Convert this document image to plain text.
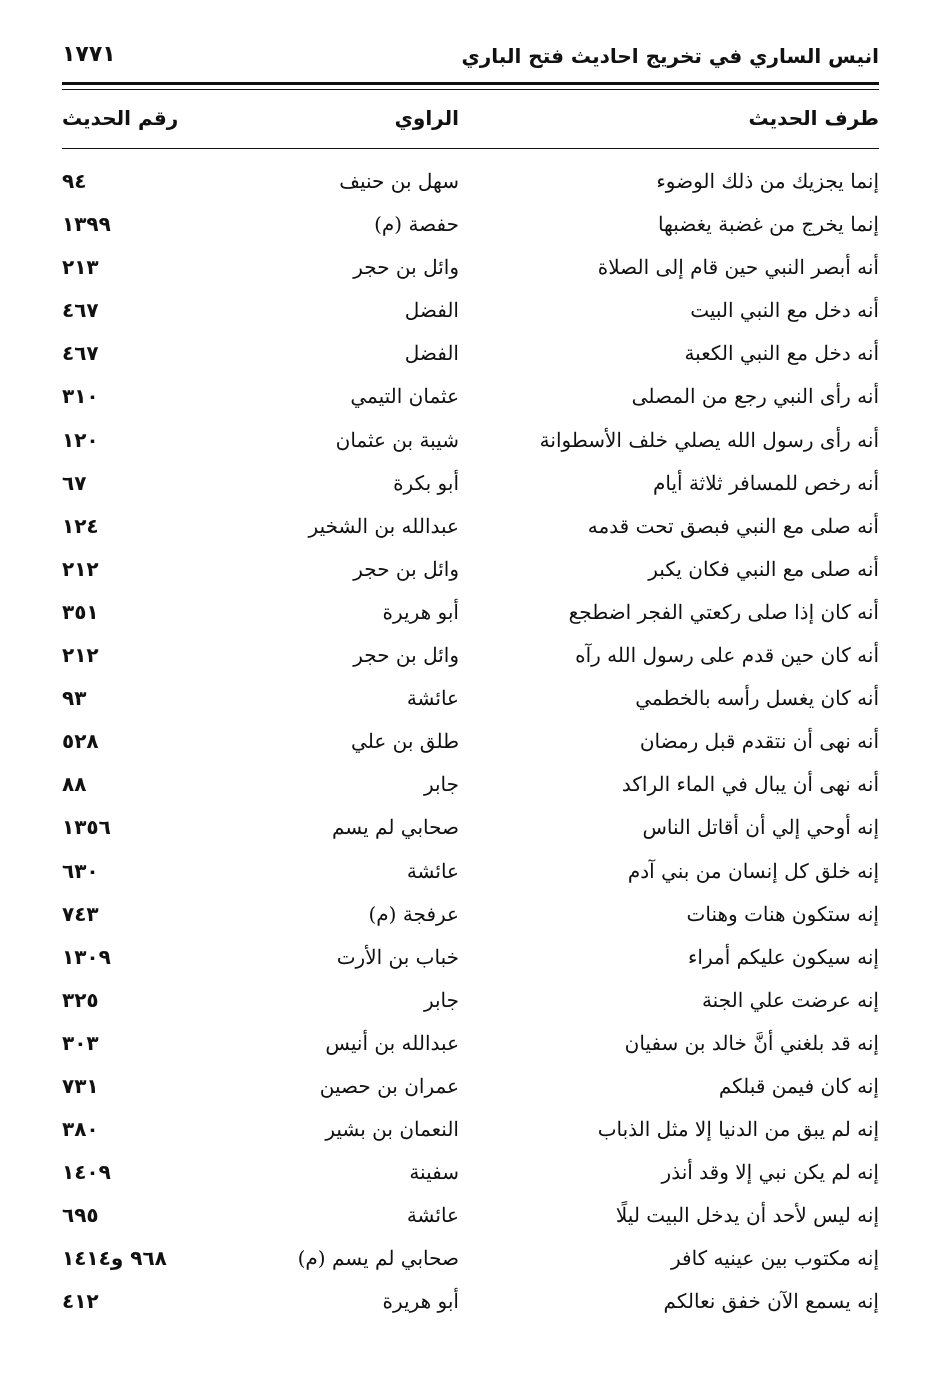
انيس الساري في تخريج احاديث فتح الباري
١٧٧١
طرف الحديث
الراوي
رقم الحديث
إنما يجزيك من ذلك الوضوء
سهل بن حنيف
٩٤
إنما يخرج من غضبة يغضبها
حفصة (م)
١٣٩٩
أنه أبصر النبي حين قام إلى الصلاة
وائل بن حجر
٢١٣
أنه دخل مع النبي البيت
الفضل
٤٦٧
أنه دخل مع النبي الكعبة
الفضل
٤٦٧
أنه رأى النبي رجع من المصلى
عثمان التيمي
٣١٠
أنه رأى رسول الله يصلي خلف الأسطوانة
شيبة بن عثمان
١٢٠
أنه رخص للمسافر ثلاثة أيام
أبو بكرة
٦٧
أنه صلى مع النبي فبصق تحت قدمه
عبدالله بن الشخير
١٢٤
أنه صلى مع النبي فكان يكبر
وائل بن حجر
٢١٢
أنه كان إذا صلى ركعتي الفجر اضطجع
أبو هريرة
٣٥١
أنه كان حين قدم على رسول الله رآه
وائل بن حجر
٢١٢
أنه كان يغسل رأسه بالخطمي
عائشة
٩٣
أنه نهى أن نتقدم قبل رمضان
طلق بن علي
٥٢٨
أنه نهى أن يبال في الماء الراكد
جابر
٨٨
إنه أوحي إلي أن أقاتل الناس
صحابي لم يسم
١٣٥٦
إنه خلق كل إنسان من بني آدم
عائشة
٦٣٠
إنه ستكون هنات وهنات
عرفجة (م)
٧٤٣
إنه سيكون عليكم أمراء
خباب بن الأرت
١٣٠٩
إنه عرضت علي الجنة
جابر
٣٢٥
إنه قد بلغني أنَّ خالد بن سفيان
عبدالله بن أنيس
٣٠٣
إنه كان فيمن قبلكم
عمران بن حصين
٧٣١
إنه لم يبق من الدنيا إلا مثل الذباب
النعمان بن بشير
٣٨٠
إنه لم يكن نبي إلا وقد أنذر
سفينة
١٤٠٩
إنه ليس لأحد أن يدخل البيت ليلًا
عائشة
٦٩٥
إنه مكتوب بين عينيه كافر
صحابي لم يسم (م)
٩٦٨ و١٤١٤
إنه يسمع الآن خفق نعالكم
أبو هريرة
٤١٢
